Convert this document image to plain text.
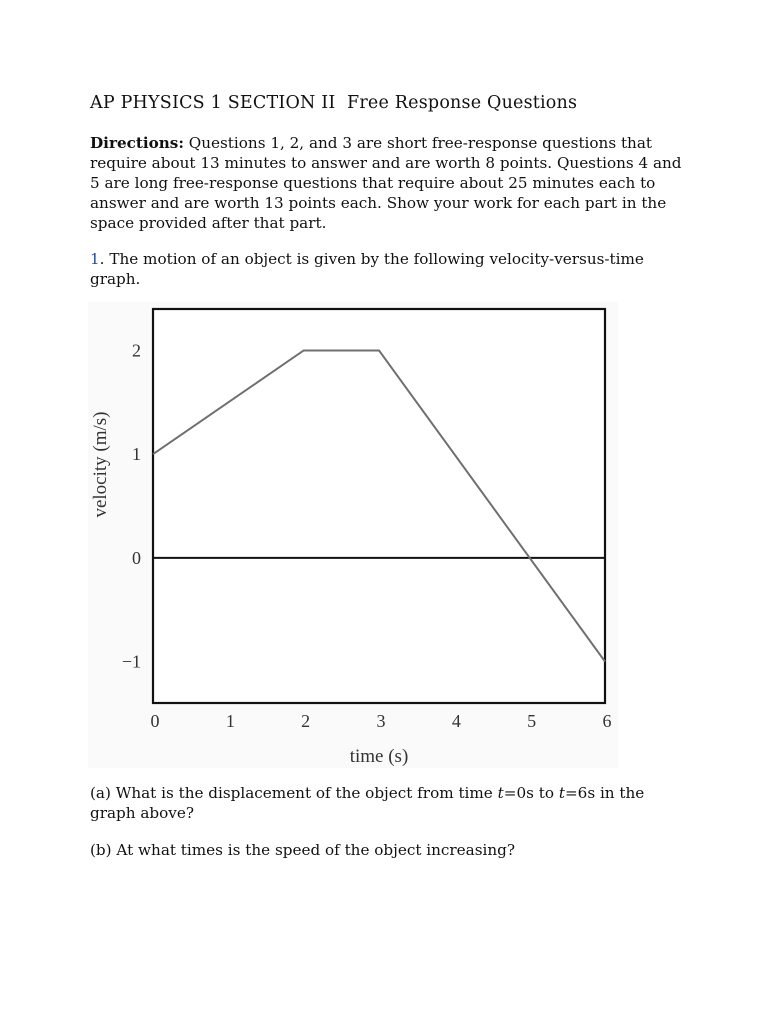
AP PHYSICS 1 SECTION II  Free Response Questions
Directions: Questions 1, 2, and 3 are short free-response questions that require about 13 minutes to answer and are worth 8 points. Questions 4 and 5 are long free-response questions that require about 25 minutes each to answer and are worth 13 points each. Show your work for each part in the space provided after that part.
1. The motion of an object is given by the following velocity-versus-time graph.
0	1	2	3	4	5	6
2
1
0
−1
time (s)
velocity (m/s)
(a) What is the displacement of the object from time t=0s to t=6s in the graph above?
(b) At what times is the speed of the object increasing?
